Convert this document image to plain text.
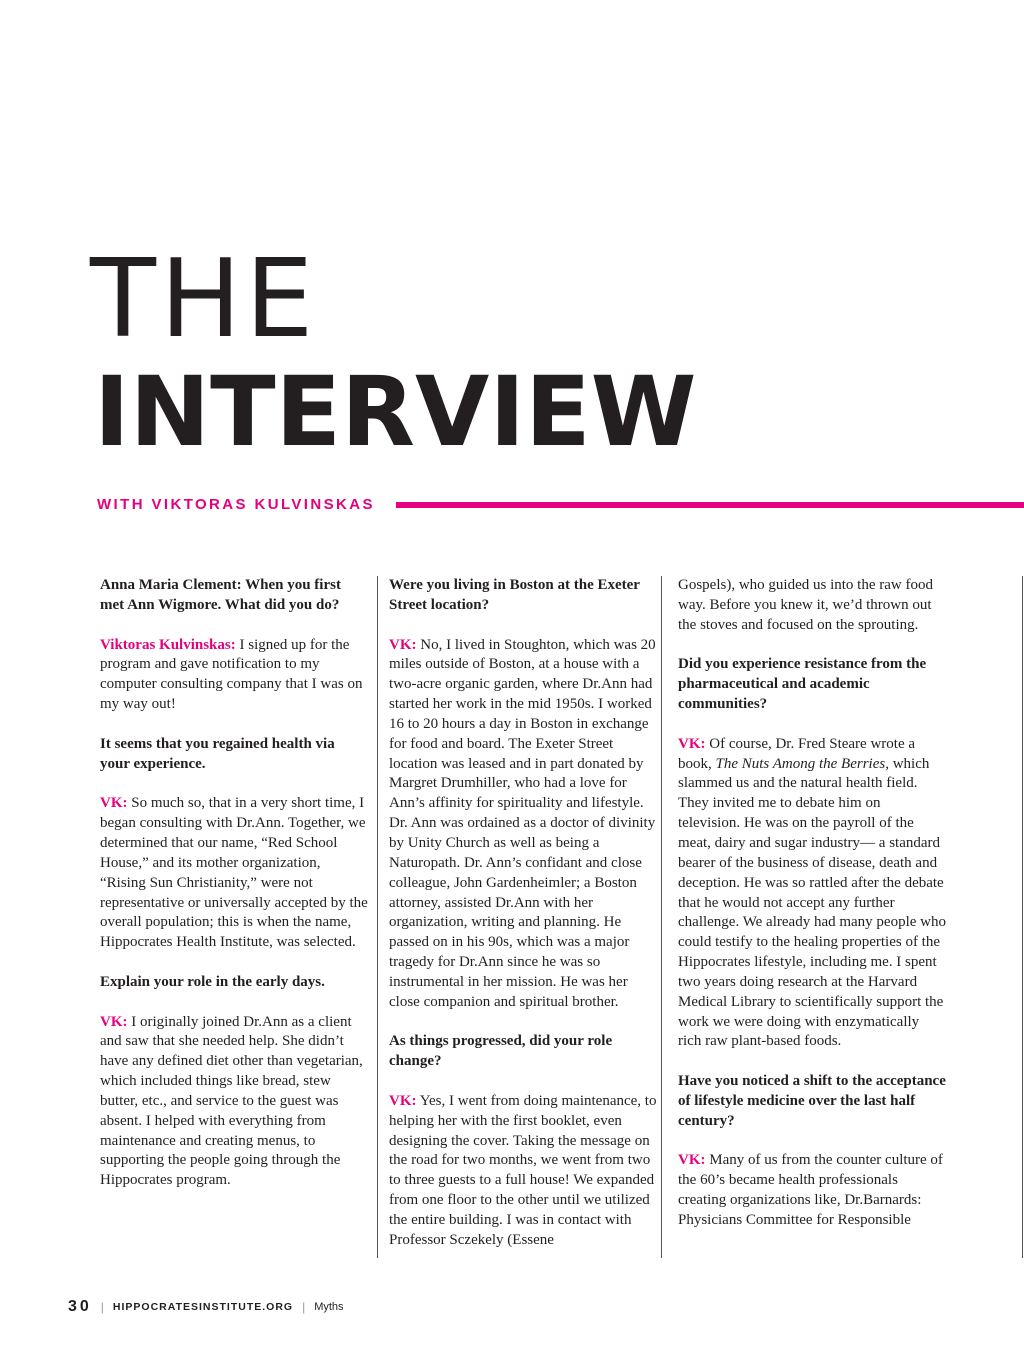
THE
INTERVIEW
WITH VIKTORAS KULVINSKAS

Anna Maria Clement: When you first met Ann Wigmore. What did you do?

Viktoras Kulvinskas: I signed up for the program and gave notification to my computer consulting company that I was on my way out!

It seems that you regained health via your experience.

VK: So much so, that in a very short time, I began consulting with Dr.Ann. Together, we determined that our name, “Red School House,” and its mother organization, “Rising Sun Christianity,” were not representative or universally accepted by the overall population; this is when the name, Hippocrates Health Institute, was selected.

Explain your role in the early days.

VK: I originally joined Dr.Ann as a client and saw that she needed help. She didn’t have any defined diet other than vegetarian, which included things like bread, stew butter, etc., and service to the guest was absent. I helped with everything from maintenance and creating menus, to supporting the people going through the Hippocrates program.

Were you living in Boston at the Exeter Street location?

VK: No, I lived in Stoughton, which was 20 miles outside of Boston, at a house with a two-acre organic garden, where Dr.Ann had started her work in the mid 1950s. I worked 16 to 20 hours a day in Boston in exchange for food and board. The Exeter Street location was leased and in part donated by Margret Drumhiller, who had a love for Ann’s affinity for spirituality and lifestyle. Dr. Ann was ordained as a doctor of divinity by Unity Church as well as being a Naturopath. Dr. Ann’s confidant and close colleague, John Gardenheimler; a Boston attorney, assisted Dr.Ann with her organization, writing and planning. He passed on in his 90s, which was a major tragedy for Dr.Ann since he was so instrumental in her mission. He was her close companion and spiritual brother.

As things progressed, did your role change?

VK: Yes, I went from doing maintenance, to helping her with the first booklet, even designing the cover. Taking the message on the road for two months, we went from two to three guests to a full house! We expanded from one floor to the other until we utilized the entire building. I was in contact with Professor Sczekely (Essene

Gospels), who guided us into the raw food way. Before you knew it, we’d thrown out the stoves and focused on the sprouting.

Did you experience resistance from the pharmaceutical and academic communities?

VK: Of course, Dr. Fred Steare wrote a book, The Nuts Among the Berries, which slammed us and the natural health field. They invited me to debate him on television. He was on the payroll of the meat, dairy and sugar industry— a standard bearer of the business of disease, death and deception. He was so rattled after the debate that he would not accept any further challenge. We already had many people who could testify to the healing properties of the Hippocrates lifestyle, including me. I spent two years doing research at the Harvard Medical Library to scientifically support the work we were doing with enzymatically rich raw plant-based foods.

Have you noticed a shift to the acceptance of lifestyle medicine over the last half century?

VK: Many of us from the counter culture of the 60’s became health professionals creating organizations like, Dr.Barnards: Physicians Committee for Responsible

30 | HIPPOCRATESINSTITUTE.ORG | Myths
